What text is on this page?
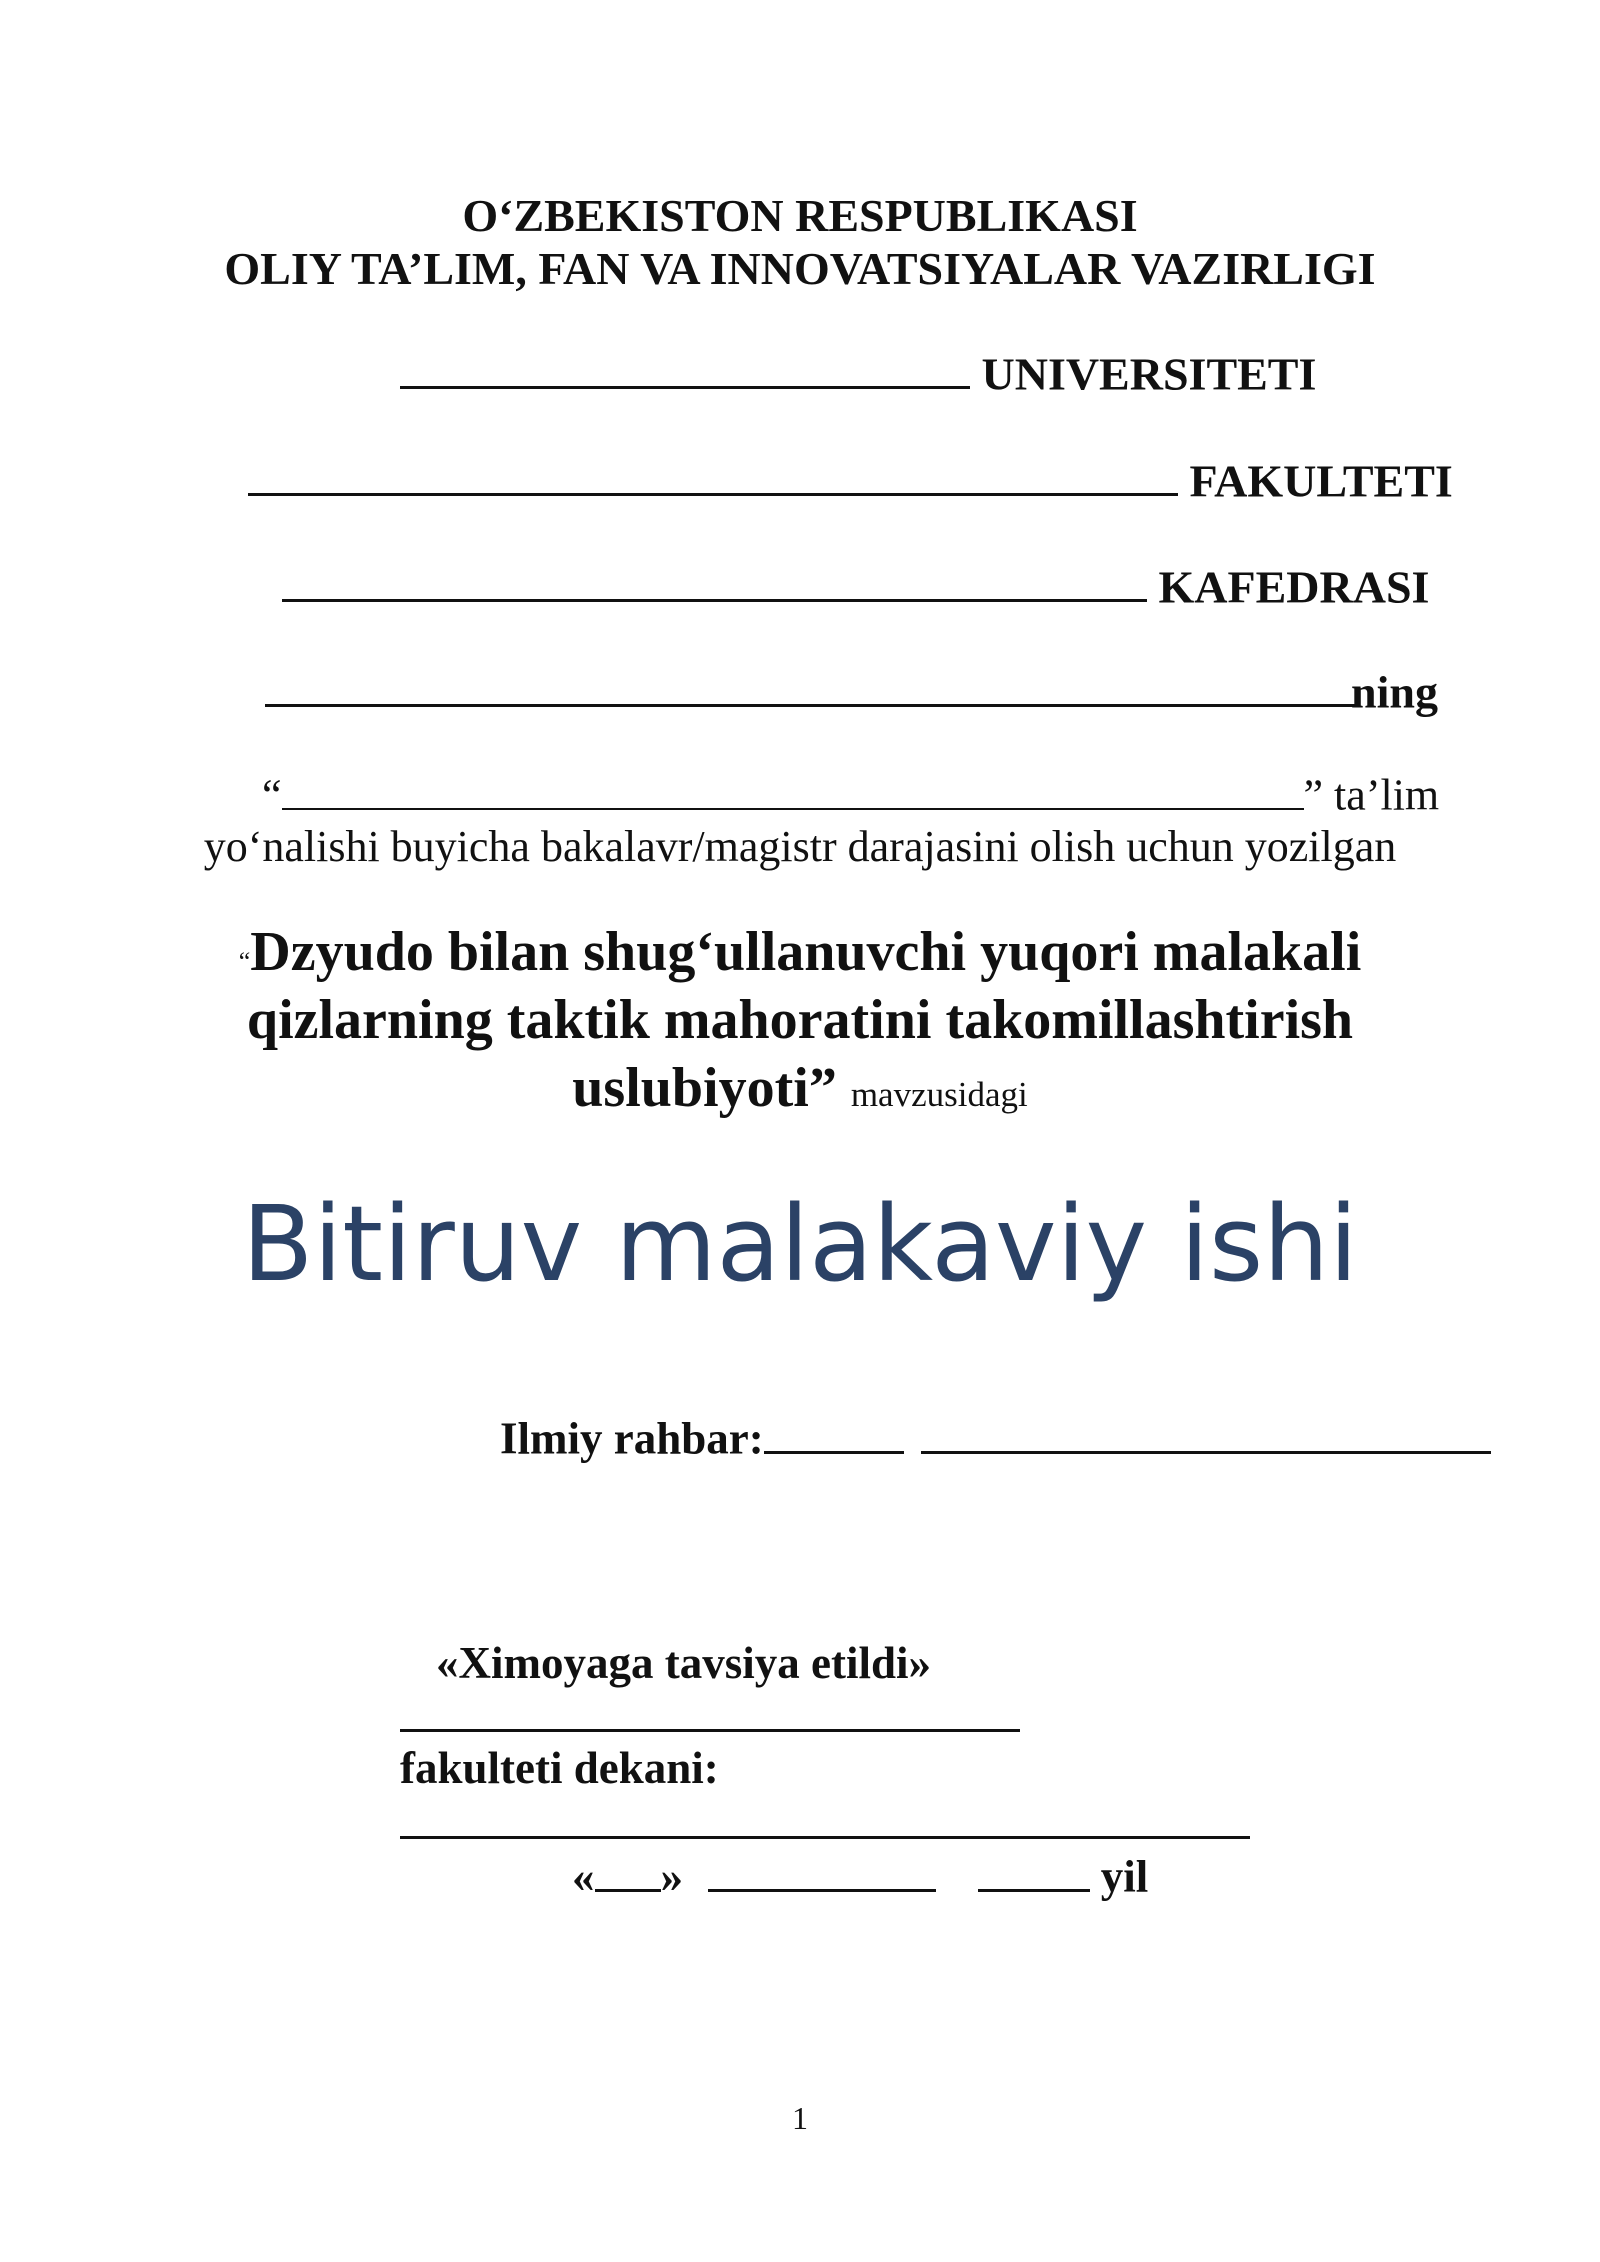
O‘ZBEKISTON RESPUBLIKASI
OLIY TA’LIM, FAN VA INNOVATSIYALAR VAZIRLIGI
UNIVERSITETI
FAKULTETI
KAFEDRASI
ning
“	” ta’lim
yo‘nalishi buyicha bakalavr/magistr darajasini olish uchun yozilgan
“Dzyudo bilan shug‘ullanuvchi yuqori malakali
qizlarning taktik mahoratini takomillashtirish
uslubiyoti” mavzusidagi
Bitiruv malakaviy ishi
Ilmiy rahbar:
«Ximoyaga tavsiya etildi»
fakulteti dekani:
« »	yil
1
